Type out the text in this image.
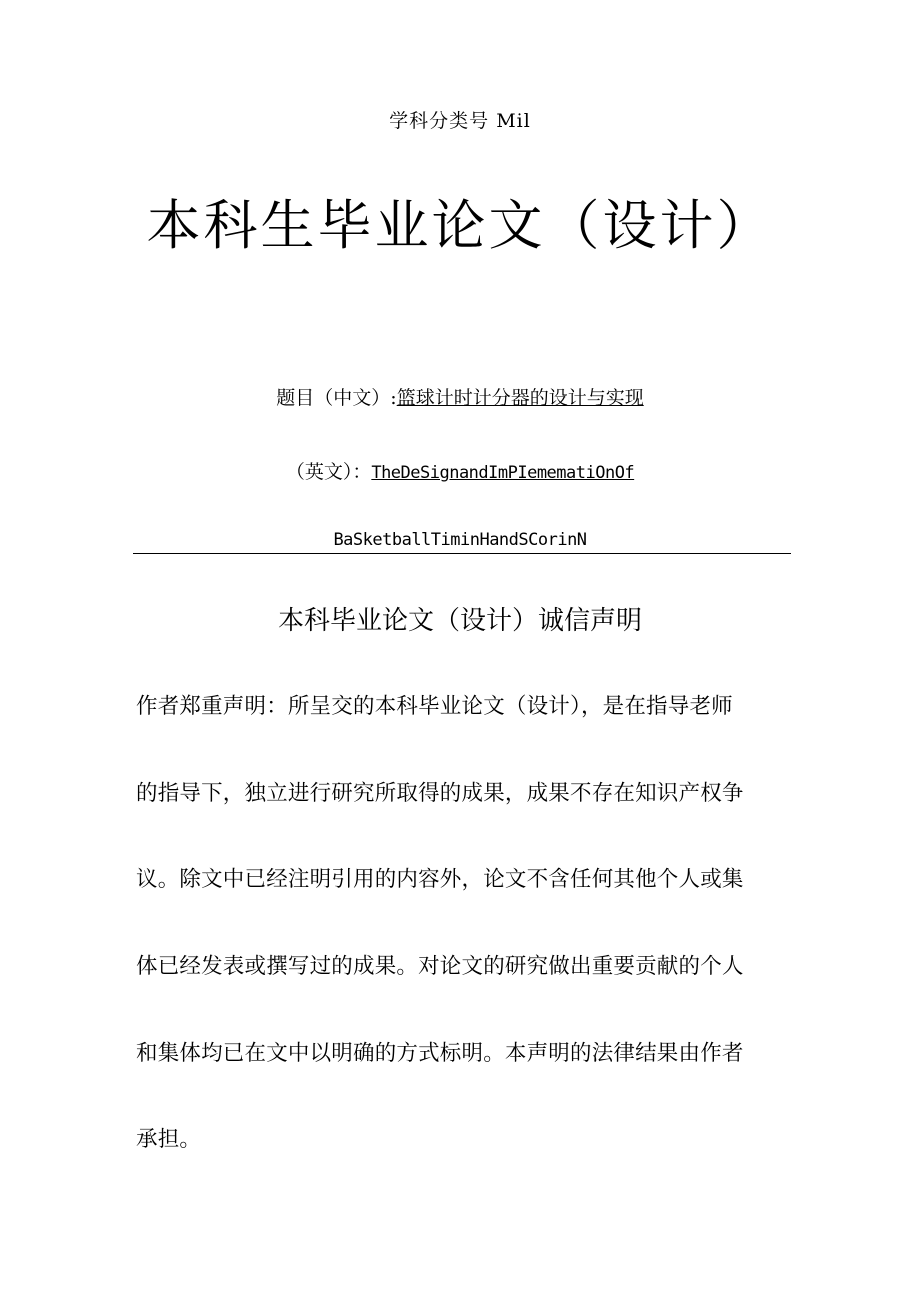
学科分类号 Mil
本科生毕业论文（设计）
题目（中文）:篮球计时计分器的设计与实现
（英文）：TheDeSignandImPIemematiOnOf
BaSketballTiminHandSCorinN
本科毕业论文（设计）诚信声明
作者郑重声明：所呈交的本科毕业论文（设计），是在指导老师
的指导下，独立进行研究所取得的成果，成果不存在知识产权争
议。除文中已经注明引用的内容外，论文不含任何其他个人或集
体已经发表或撰写过的成果。对论文的研究做出重要贡献的个人
和集体均已在文中以明确的方式标明。本声明的法律结果由作者
承担。
